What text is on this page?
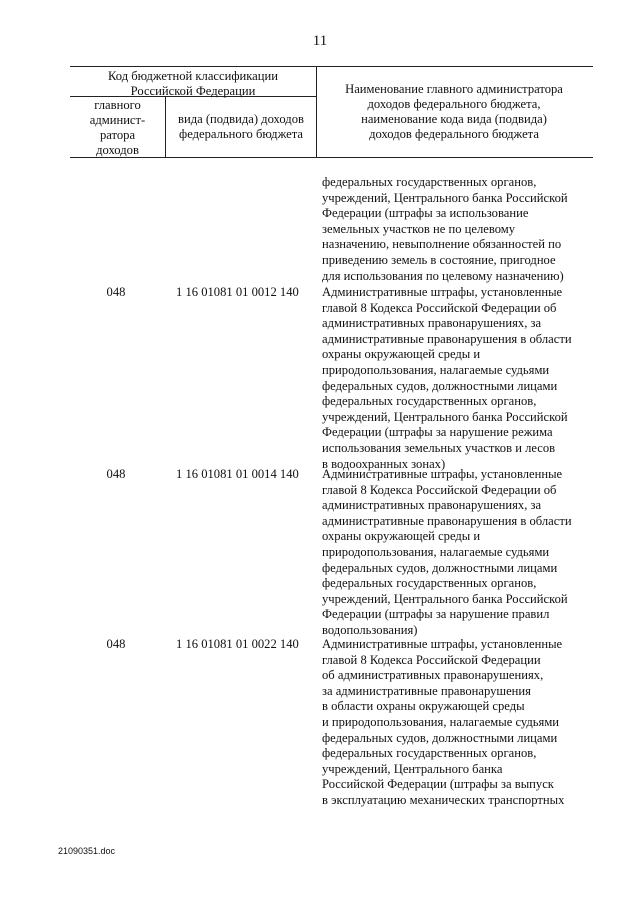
11
Код бюджетной классификации
Российской Федерации
главного
админист-
ратора
доходов
вида (подвида) доходов
федерального бюджета
Наименование главного администратора
доходов федерального бюджета,
наименование кода вида (подвида)
доходов федерального бюджета
федеральных государственных органов,
учреждений, Центрального банка Российской
Федерации (штрафы за использование
земельных участков не по целевому
назначению, невыполнение обязанностей по
приведению земель в состояние, пригодное
для использования по целевому назначению)
048	1 16 01081 01 0012 140	Административные штрафы, установленные
главой 8 Кодекса Российской Федерации об
административных правонарушениях, за
административные правонарушения в области
охраны окружающей среды и
природопользования, налагаемые судьями
федеральных судов, должностными лицами
федеральных государственных органов,
учреждений, Центрального банка Российской
Федерации (штрафы за нарушение режима
использования земельных участков и лесов
в водоохранных зонах)
048	1 16 01081 01 0014 140	Административные штрафы, установленные
главой 8 Кодекса Российской Федерации об
административных правонарушениях, за
административные правонарушения в области
охраны окружающей среды и
природопользования, налагаемые судьями
федеральных судов, должностными лицами
федеральных государственных органов,
учреждений, Центрального банка Российской
Федерации (штрафы за нарушение правил
водопользования)
048	1 16 01081 01 0022 140	Административные штрафы, установленные
главой 8 Кодекса Российской Федерации
об административных правонарушениях,
за административные правонарушения
в области охраны окружающей среды
и природопользования, налагаемые судьями
федеральных судов, должностными лицами
федеральных государственных органов,
учреждений, Центрального банка
Российской Федерации (штрафы за выпуск
в эксплуатацию механических транспортных
21090351.doc
